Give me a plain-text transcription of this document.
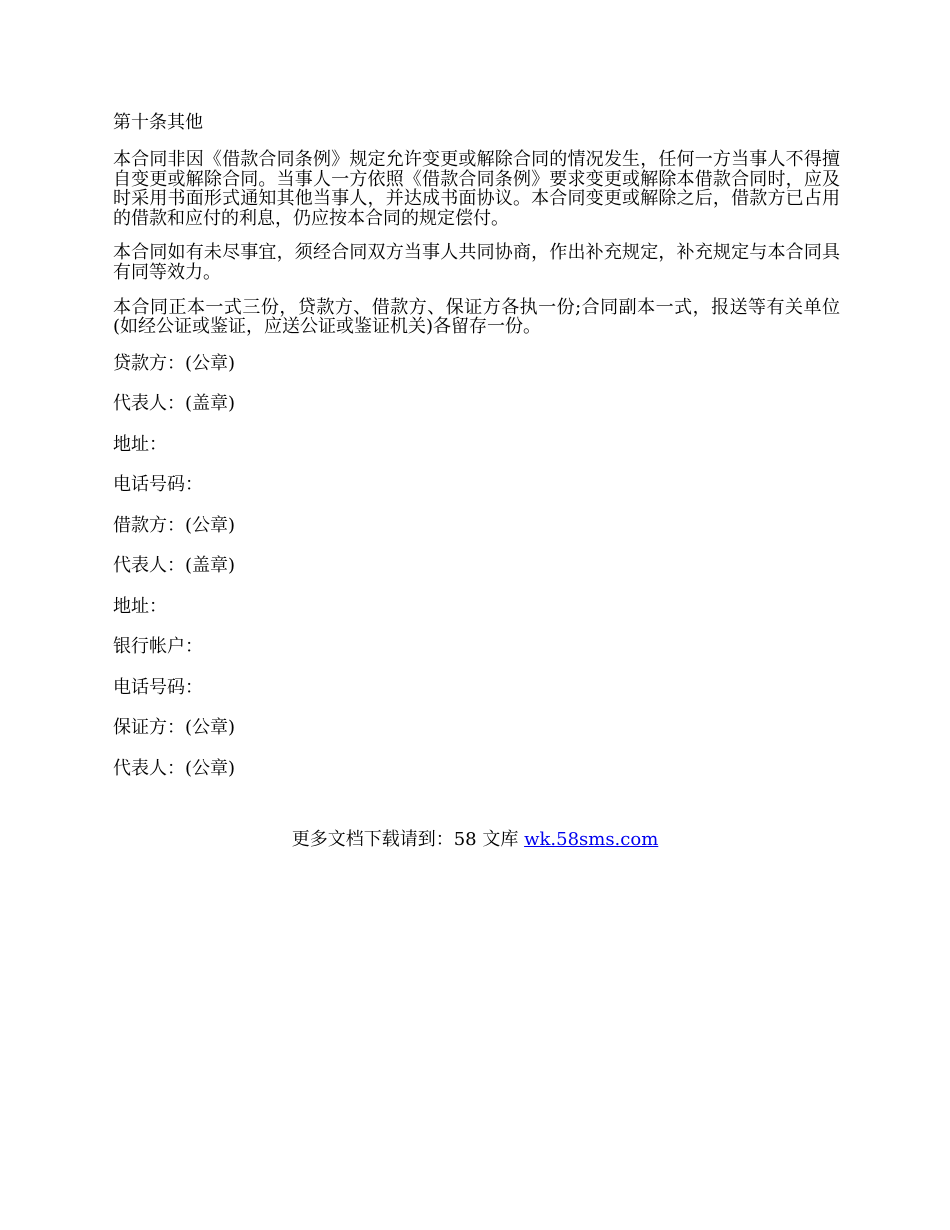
第十条其他

本合同非因《借款合同条例》规定允许变更或解除合同的情况发生，任何一方当事人不得擅自变更或解除合同。当事人一方依照《借款合同条例》要求变更或解除本借款合同时，应及时采用书面形式通知其他当事人，并达成书面协议。本合同变更或解除之后，借款方已占用的借款和应付的利息，仍应按本合同的规定偿付。

本合同如有未尽事宜，须经合同双方当事人共同协商，作出补充规定，补充规定与本合同具有同等效力。

本合同正本一式三份，贷款方、借款方、保证方各执一份;合同副本一式，报送等有关单位(如经公证或鉴证，应送公证或鉴证机关)各留存一份。

贷款方：(公章)
代表人：(盖章)
地址：
电话号码：
借款方：(公章)
代表人：(盖章)
地址：
银行帐户：
电话号码：
保证方：(公章)
代表人：(公章)
更多文档下载请到：58 文库 wk.58sms.com
